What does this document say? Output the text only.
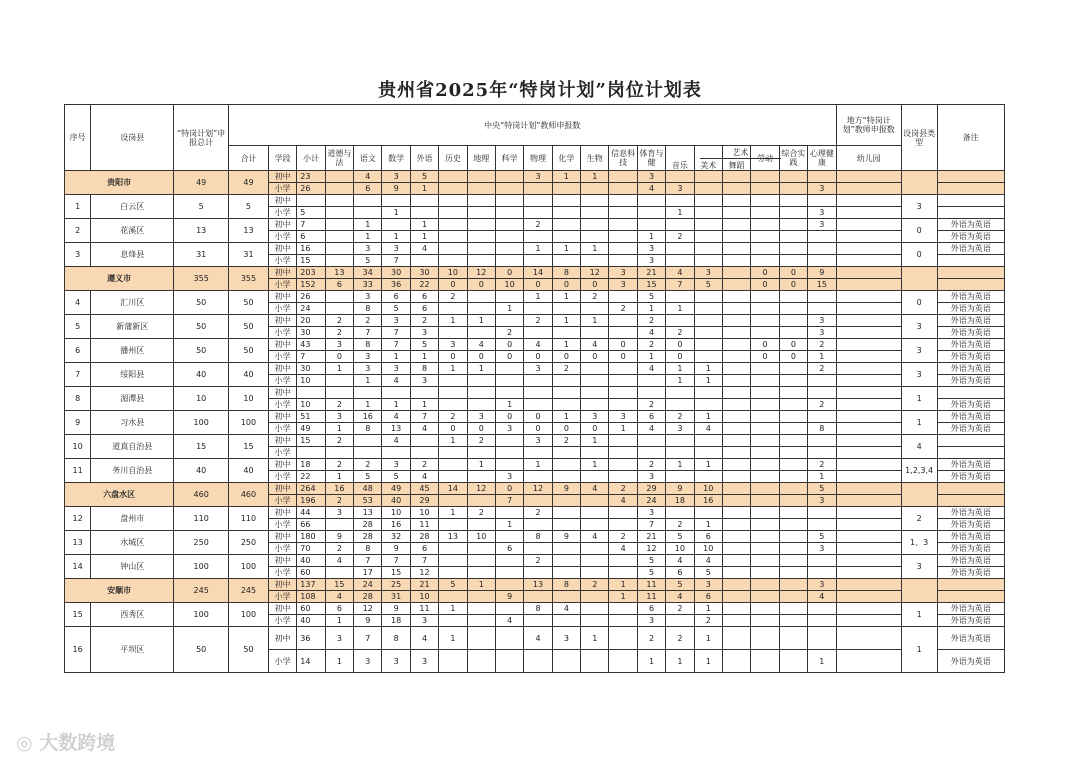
贵州省2025年“特岗计划”岗位计划表
序号	设岗县	“特岗计划”申报总计	中央“特岗计划”教师申报数																					地方“特岗计划”教师申报数	设岗县类型	备注
			合计	学段	小计	道德与法	语文	数学	外语	历史	地理	科学	物理	化学	生物	信息科技	体育与健	音乐	美术	舞蹈	劳动	综合实践	心理健康	幼儿园		
贵阳市		49	49	初中	23		4	3	5				3	1	1		3									
				小学	26		6	9	1								4	3					3			
1	白云区	5	5	初中																					3	
				小学	5			1										1					3			
2	花溪区	13	13	初中	7		1		1				2										3		0	外语为英语
				小学	6		1	1	1								1	2								外语为英语
3	息烽县	31	31	初中	16		3	3	4				1	1	1		3								0	外语为英语
				小学	15		5	7									3									
遵义市		355	355	初中	203	13	34	30	30	10	12	0	14	8	12	3	21	4	3		0	0	9			
				小学	152	6	33	36	22	0	0	10	0	0	0	3	15	7	5		0	0	15			
4	汇川区	50	50	初中	26		3	6	6	2			1	1	2		5								0	外语为英语
				小学	24		8	5	6			1				2	1	1								外语为英语
5	新蒲新区	50	50	初中	20	2	2	3	2	1	1		2	1	1		2						3		3	外语为英语
				小学	30	2	7	7	3			2					4	2					3			外语为英语
6	播州区	50	50	初中	43	3	8	7	5	3	4	0	4	1	4	0	2	0			0	0	2		3	外语为英语
				小学	7	0	3	1	1	0	0	0	0	0	0	0	1	0			0	0	1			外语为英语
7	绥阳县	40	40	初中	30	1	3	3	8	1	1		3	2			4	1	1				2		3	外语为英语
				小学	10		1	4	3									1	1							外语为英语
8	湄潭县	10	10	初中																					1	
				小学	10	2	1	1	1			1					2						2			外语为英语
9	习水县	100	100	初中	51	3	16	4	7	2	3	0	0	1	3	3	6	2	1						1	外语为英语
				小学	49	1	8	13	4	0	0	3	0	0	0	1	4	3	4				8			外语为英语
10	道真自治县	15	15	初中	15	2		4		1	2		3	2	1										4	
				小学																						
11	务川自治县	40	40	初中	18	2	2	3	2		1		1		1		2	1	1				2		1,2,3,4	外语为英语
				小学	22	1	5	5	4			3					3						1			外语为英语
六盘水区		460	460	初中	264	16	48	49	45	14	12	0	12	9	4	2	29	9	10				5			
				小学	196	2	53	40	29			7				4	24	18	16				3			
12	盘州市	110	110	初中	44	3	13	10	10	1	2		2				3								2	外语为英语
				小学	66		28	16	11			1					7	2	1							外语为英语
13	水城区	250	250	初中	180	9	28	32	28	13	10		8	9	4	2	21	5	6				5		1、3	外语为英语
				小学	70	2	8	9	6			6				4	12	10	10				3			外语为英语
14	钟山区	100	100	初中	40	4	7	7	7				2				5	4	4						3	外语为英语
				小学	60		17	15	12								5	6	5							外语为英语
安顺市		245	245	初中	137	15	24	25	21	5	1		13	8	2	1	11	5	3				3			
				小学	108	4	28	31	10			9				1	11	4	6				4			
15	西秀区	100	100	初中	60	6	12	9	11	1			8	4			6	2	1						1	外语为英语
				小学	40	1	9	18	3			4					3		2							外语为英语
16	平坝区	50	50	初中	36	3	7	8	4	1			4	3	1		2	2	1						1	外语为英语
				小学	14	1	3	3	3								1	1	1				1			外语为英语
◎ 大数跨境
艺术
